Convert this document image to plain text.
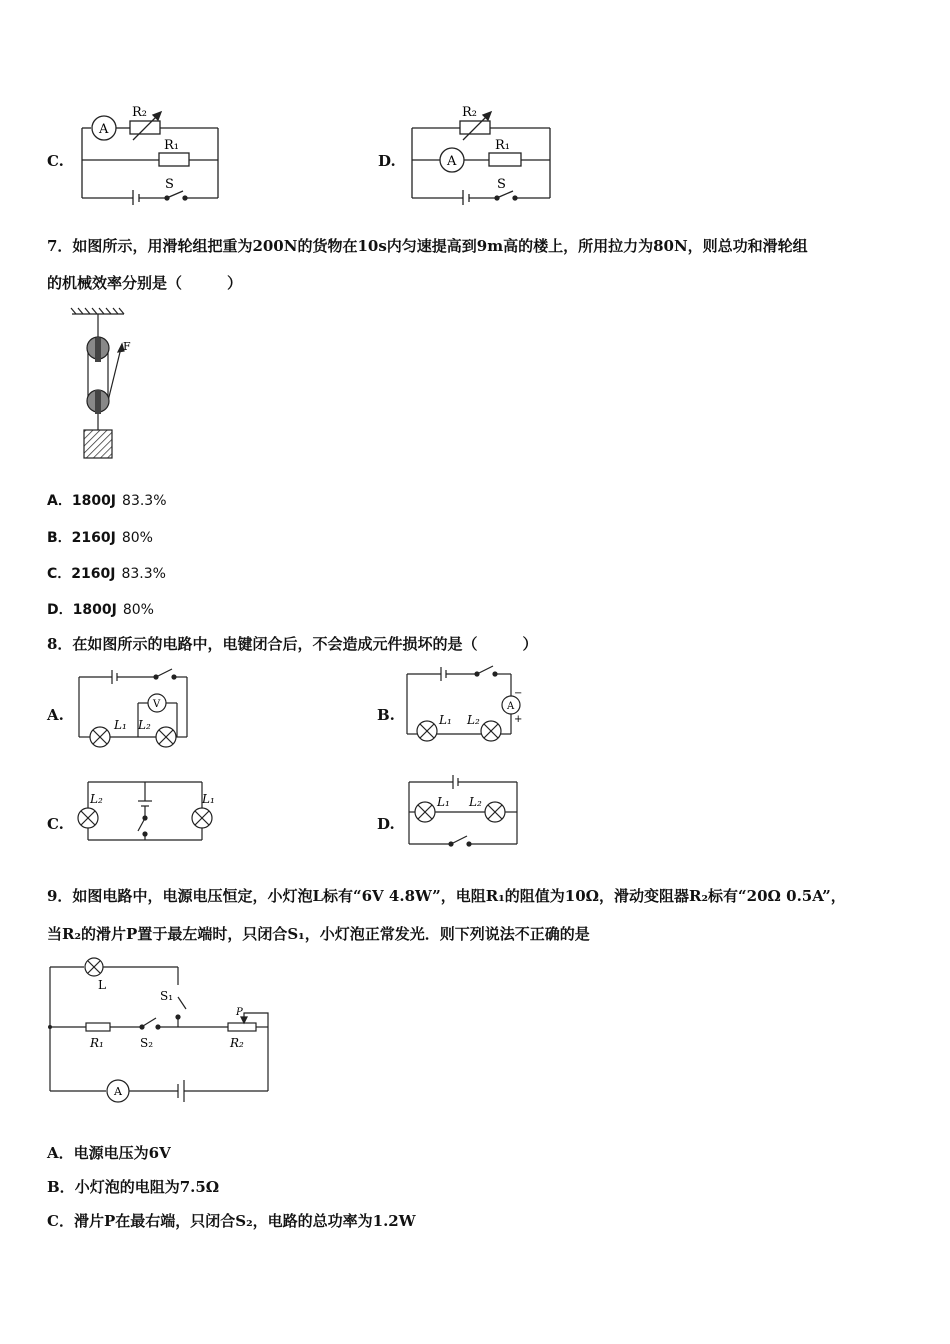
C.
A
R₂
R₁
S
D.	A
R₂
R₁
S
7．如图所示，用滑轮组把重为200N的货物在10s内匀速提高到9m高的楼上，所用拉力为80N，则总功和滑轮组
的机械效率分别是（　　　）
F
A．1800J 83.3%
B．2160J 80%
C．2160J 83.3%
D．1800J 80%
8．在如图所示的电路中，电键闭合后，不会造成元件损坏的是（　　　）
A.
V
L₁ L₂
B.	A
+
−
L₁ L₂
C.
L₂	L₁
D.
L₁ L₂
9．如图电路中，电源电压恒定，小灯泡L标有“6V 4.8W”，电阻R₁的阻值为10Ω，滑动变阻器R₂标有“20Ω 0.5A”，
当R₂的滑片P置于最左端时，只闭合S₁，小灯泡正常发光．则下列说法不正确的是
L
S₁
R₁	S₂	R₂
P
A
A．电源电压为6V
B．小灯泡的电阻为7.5Ω
C．滑片P在最右端，只闭合S₂，电路的总功率为1.2W
